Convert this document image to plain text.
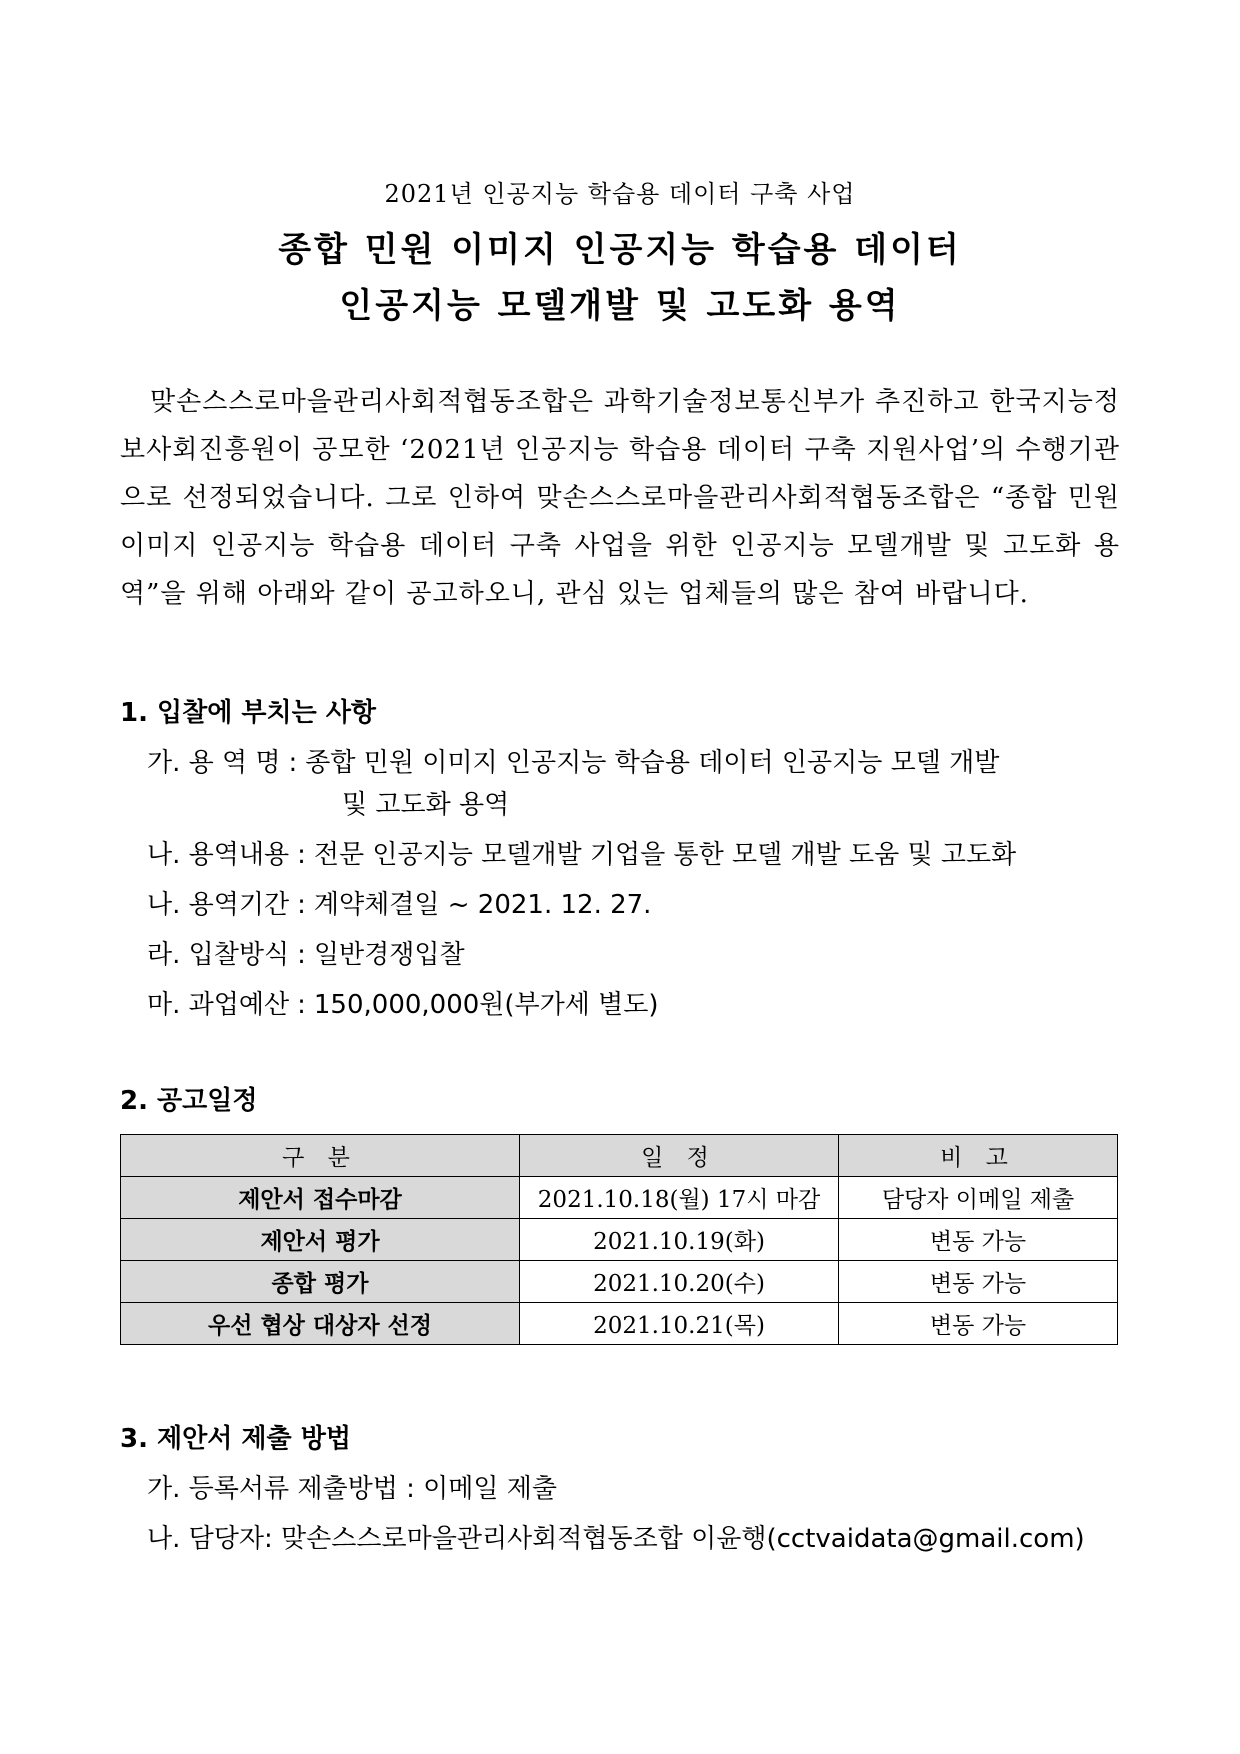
2021년 인공지능 학습용 데이터 구축 사업
종합 민원 이미지 인공지능 학습용 데이터
인공지능 모델개발 및 고도화 용역
맞손스스로마을관리사회적협동조합은 과학기술정보통신부가 추진하고 한국지능정보사회진흥원이 공모한 ‘2021년 인공지능 학습용 데이터 구축 지원사업’의 수행기관으로 선정되었습니다. 그로 인하여 맞손스스로마을관리사회적협동조합은 “종합 민원 이미지 인공지능 학습용 데이터 구축 사업을 위한 인공지능 모델개발 및 고도화 용역”을 위해 아래와 같이 공고하오니, 관심 있는 업체들의 많은 참여 바랍니다.
1. 입찰에 부치는 사항
가. 용 역 명 : 종합 민원 이미지 인공지능 학습용 데이터 인공지능 모델 개발
및 고도화 용역
나. 용역내용 : 전문 인공지능 모델개발 기업을 통한 모델 개발 도움 및 고도화
나. 용역기간 : 계약체결일 ~ 2021. 12. 27.
라. 입찰방식 : 일반경쟁입찰
마. 과업예산 : 150,000,000원(부가세 별도)
2. 공고일정
구 분	일 정	비 고
제안서 접수마감	2021.10.18(월) 17시 마감	담당자 이메일 제출
제안서 평가	2021.10.19(화)	변동 가능
종합 평가	2021.10.20(수)	변동 가능
우선 협상 대상자 선정	2021.10.21(목)	변동 가능
3. 제안서 제출 방법
가. 등록서류 제출방법 : 이메일 제출
나. 담당자: 맞손스스로마을관리사회적협동조합 이윤행(cctvaidata@gmail.com)
